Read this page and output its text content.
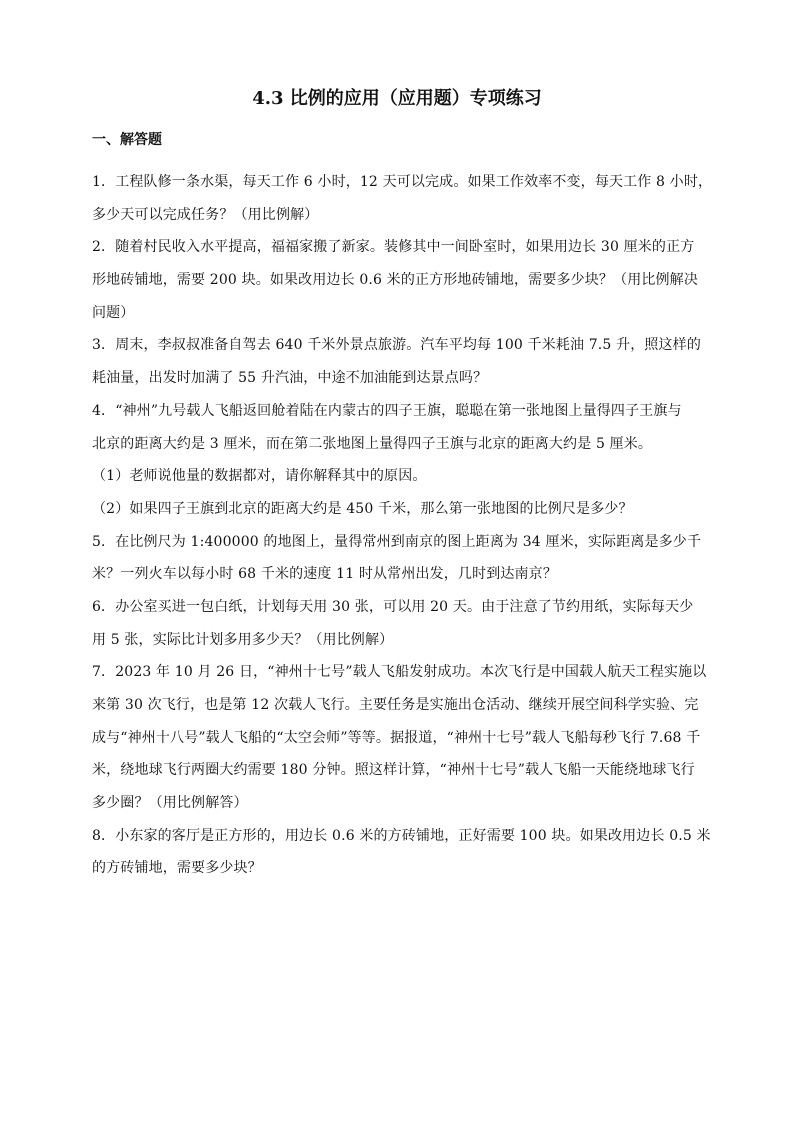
4.3 比例的应用（应用题）专项练习
一、解答题
1．工程队修一条水渠，每天工作 6 小时，12 天可以完成。如果工作效率不变，每天工作 8 小时，
多少天可以完成任务？（用比例解）
2．随着村民收入水平提高，福福家搬了新家。装修其中一间卧室时，如果用边长 30 厘米的正方
形地砖铺地，需要 200 块。如果改用边长 0.6 米的正方形地砖铺地，需要多少块？（用比例解决
问题）
3．周末，李叔叔准备自驾去 640 千米外景点旅游。汽车平均每 100 千米耗油 7.5 升，照这样的
耗油量，出发时加满了 55 升汽油，中途不加油能到达景点吗？
4．“神州”九号载人飞船返回舱着陆在内蒙古的四子王旗，聪聪在第一张地图上量得四子王旗与
北京的距离大约是 3 厘米，而在第二张地图上量得四子王旗与北京的距离大约是 5 厘米。
（1）老师说他量的数据都对，请你解释其中的原因。
（2）如果四子王旗到北京的距离大约是 450 千米，那么第一张地图的比例尺是多少？
5．在比例尺为 1:400000 的地图上，量得常州到南京的图上距离为 34 厘米，实际距离是多少千
米？一列火车以每小时 68 千米的速度 11 时从常州出发，几时到达南京？
6．办公室买进一包白纸，计划每天用 30 张，可以用 20 天。由于注意了节约用纸，实际每天少
用 5 张，实际比计划多用多少天？（用比例解）
7．2023 年 10 月 26 日，“神州十七号”载人飞船发射成功。本次飞行是中国载人航天工程实施以
来第 30 次飞行，也是第 12 次载人飞行。主要任务是实施出仓活动、继续开展空间科学实验、完
成与“神州十八号”载人飞船的“太空会师”等等。据报道，“神州十七号”载人飞船每秒飞行 7.68 千
米，绕地球飞行两圈大约需要 180 分钟。照这样计算，“神州十七号”载人飞船一天能绕地球飞行
多少圈？（用比例解答）
8．小东家的客厅是正方形的，用边长 0.6 米的方砖铺地，正好需要 100 块。如果改用边长 0.5 米
的方砖铺地，需要多少块？
